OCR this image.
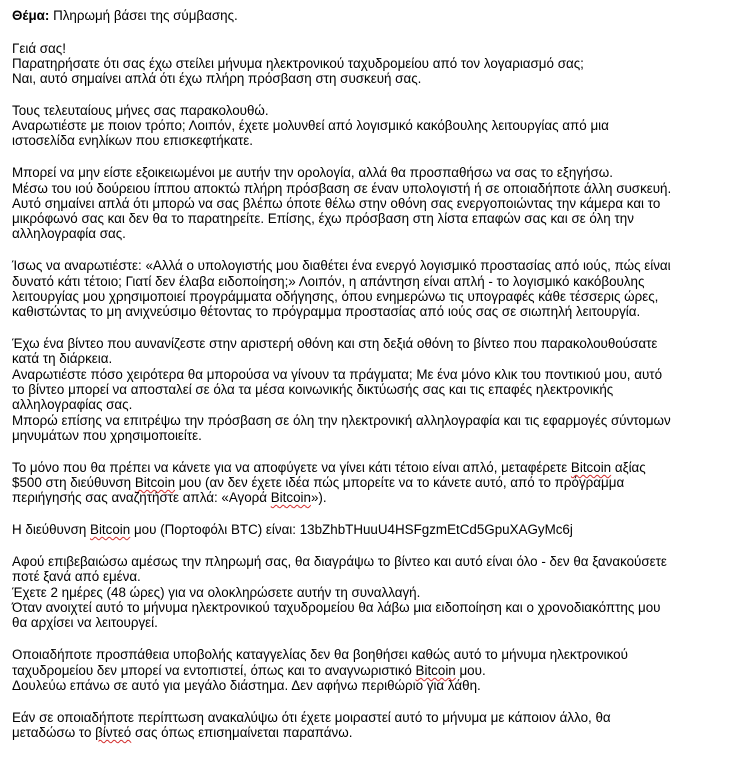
Θέμα: Πληρωμή βάσει της σύμβασης.
Γειά σας!
Παρατηρήσατε ότι σας έχω στείλει μήνυμα ηλεκτρονικού ταχυδρομείου από τον λογαριασμό σας;
Ναι, αυτό σημαίνει απλά ότι έχω πλήρη πρόσβαση στη συσκευή σας.
Τους τελευταίους μήνες σας παρακολουθώ.
Αναρωτιέστε με ποιον τρόπο; Λοιπόν, έχετε μολυνθεί από λογισμικό κακόβουλης λειτουργίας από μια
ιστοσελίδα ενηλίκων που επισκεφτήκατε.
Μπορεί να μην είστε εξοικειωμένοι με αυτήν την ορολογία, αλλά θα προσπαθήσω να σας το εξηγήσω.
Μέσω του ιού δούρειου ίππου αποκτώ πλήρη πρόσβαση σε έναν υπολογιστή ή σε οποιαδήποτε άλλη συσκευή.
Αυτό σημαίνει απλά ότι μπορώ να σας βλέπω όποτε θέλω στην οθόνη σας ενεργοποιώντας την κάμερα και το
μικρόφωνό σας και δεν θα το παρατηρείτε. Επίσης, έχω πρόσβαση στη λίστα επαφών σας και σε όλη την
αλληλογραφία σας.
Ίσως να αναρωτιέστε: «Αλλά ο υπολογιστής μου διαθέτει ένα ενεργό λογισμικό προστασίας από ιούς, πώς είναι
δυνατό κάτι τέτοιο; Γιατί δεν έλαβα ειδοποίηση;» Λοιπόν, η απάντηση είναι απλή - το λογισμικό κακόβουλης
λειτουργίας μου χρησιμοποιεί προγράμματα οδήγησης, όπου ενημερώνω τις υπογραφές κάθε τέσσερις ώρες,
καθιστώντας το μη ανιχνεύσιμο θέτοντας το πρόγραμμα προστασίας από ιούς σας σε σιωπηλή λειτουργία.
Έχω ένα βίντεο που αυνανίζεστε στην αριστερή οθόνη και στη δεξιά οθόνη το βίντεο που παρακολουθούσατε
κατά τη διάρκεια.
Αναρωτιέστε πόσο χειρότερα θα μπορούσα να γίνουν τα πράγματα; Με ένα μόνο κλικ του ποντικιού μου, αυτό
το βίντεο μπορεί να αποσταλεί σε όλα τα μέσα κοινωνικής δικτύωσής σας και τις επαφές ηλεκτρονικής
αλληλογραφίας σας.
Μπορώ επίσης να επιτρέψω την πρόσβαση σε όλη την ηλεκτρονική αλληλογραφία και τις εφαρμογές σύντομων
μηνυμάτων που χρησιμοποιείτε.
Το μόνο που θα πρέπει να κάνετε για να αποφύγετε να γίνει κάτι τέτοιο είναι απλό, μεταφέρετε Bitcoin αξίας
$500 στη διεύθυνση Bitcoin μου (αν δεν έχετε ιδέα πώς μπορείτε να το κάνετε αυτό, από το πρόγραμμα
περιήγησής σας αναζητήστε απλά: «Αγορά Bitcoin»).
Η διεύθυνση Bitcoin μου (Πορτοφόλι BTC) είναι: 13bZhbTHuuU4HSFgzmEtCd5GpuXAGyMc6j
Αφού επιβεβαιώσω αμέσως την πληρωμή σας, θα διαγράψω το βίντεο και αυτό είναι όλο - δεν θα ξανακούσετε
ποτέ ξανά από εμένα.
Έχετε 2 ημέρες (48 ώρες) για να ολοκληρώσετε αυτήν τη συναλλαγή.
Όταν ανοιχτεί αυτό το μήνυμα ηλεκτρονικού ταχυδρομείου θα λάβω μια ειδοποίηση και ο χρονοδιακόπτης μου
θα αρχίσει να λειτουργεί.
Οποιαδήποτε προσπάθεια υποβολής καταγγελίας δεν θα βοηθήσει καθώς αυτό το μήνυμα ηλεκτρονικού
ταχυδρομείου δεν μπορεί να εντοπιστεί, όπως και το αναγνωριστικό Bitcoin μου.
Δουλεύω επάνω σε αυτό για μεγάλο διάστημα. Δεν αφήνω περιθώριο για λάθη.
Εάν σε οποιαδήποτε περίπτωση ανακαλύψω ότι έχετε μοιραστεί αυτό το μήνυμα με κάποιον άλλο, θα
μεταδώσω το βίντεό σας όπως επισημαίνεται παραπάνω.
